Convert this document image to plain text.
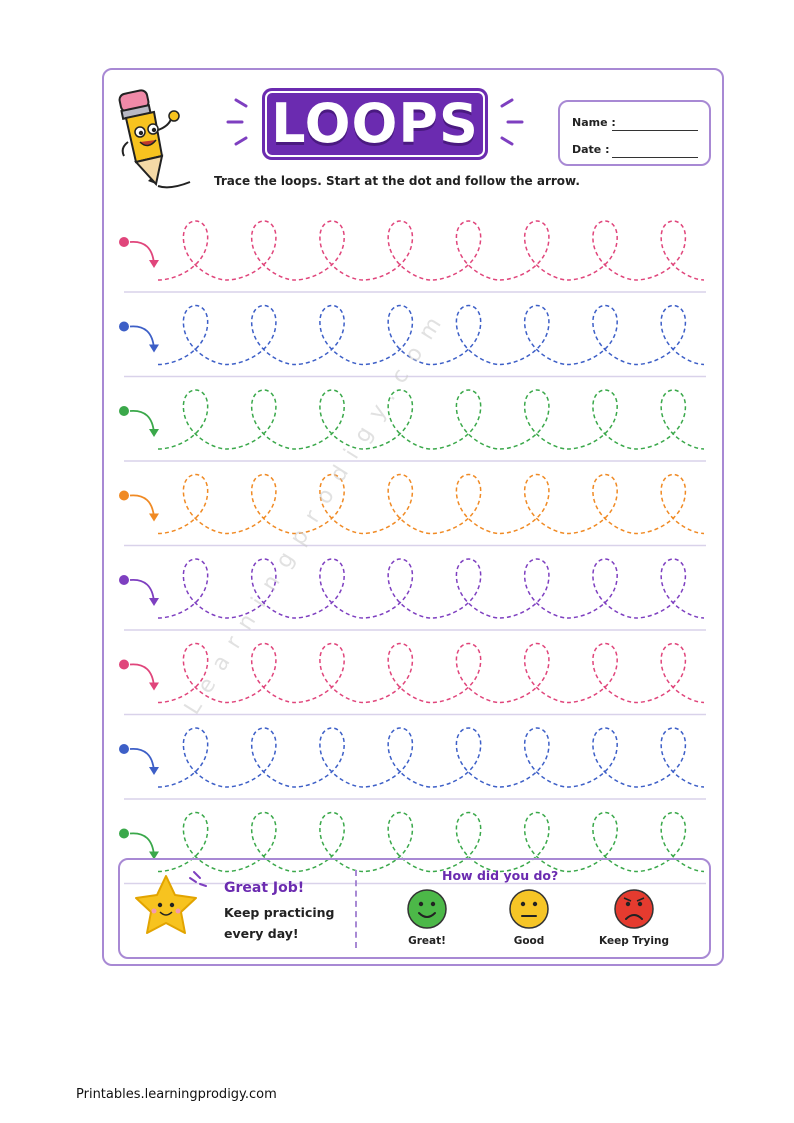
LOOPS	Name :
Date :
Trace the loops. Start at the dot and follow the arrow.
Learningprodigy.com
Great Job!
Keep practicing
every day!
How did you do?
Great!	Good	Keep Trying
Printables.learningprodigy.com
